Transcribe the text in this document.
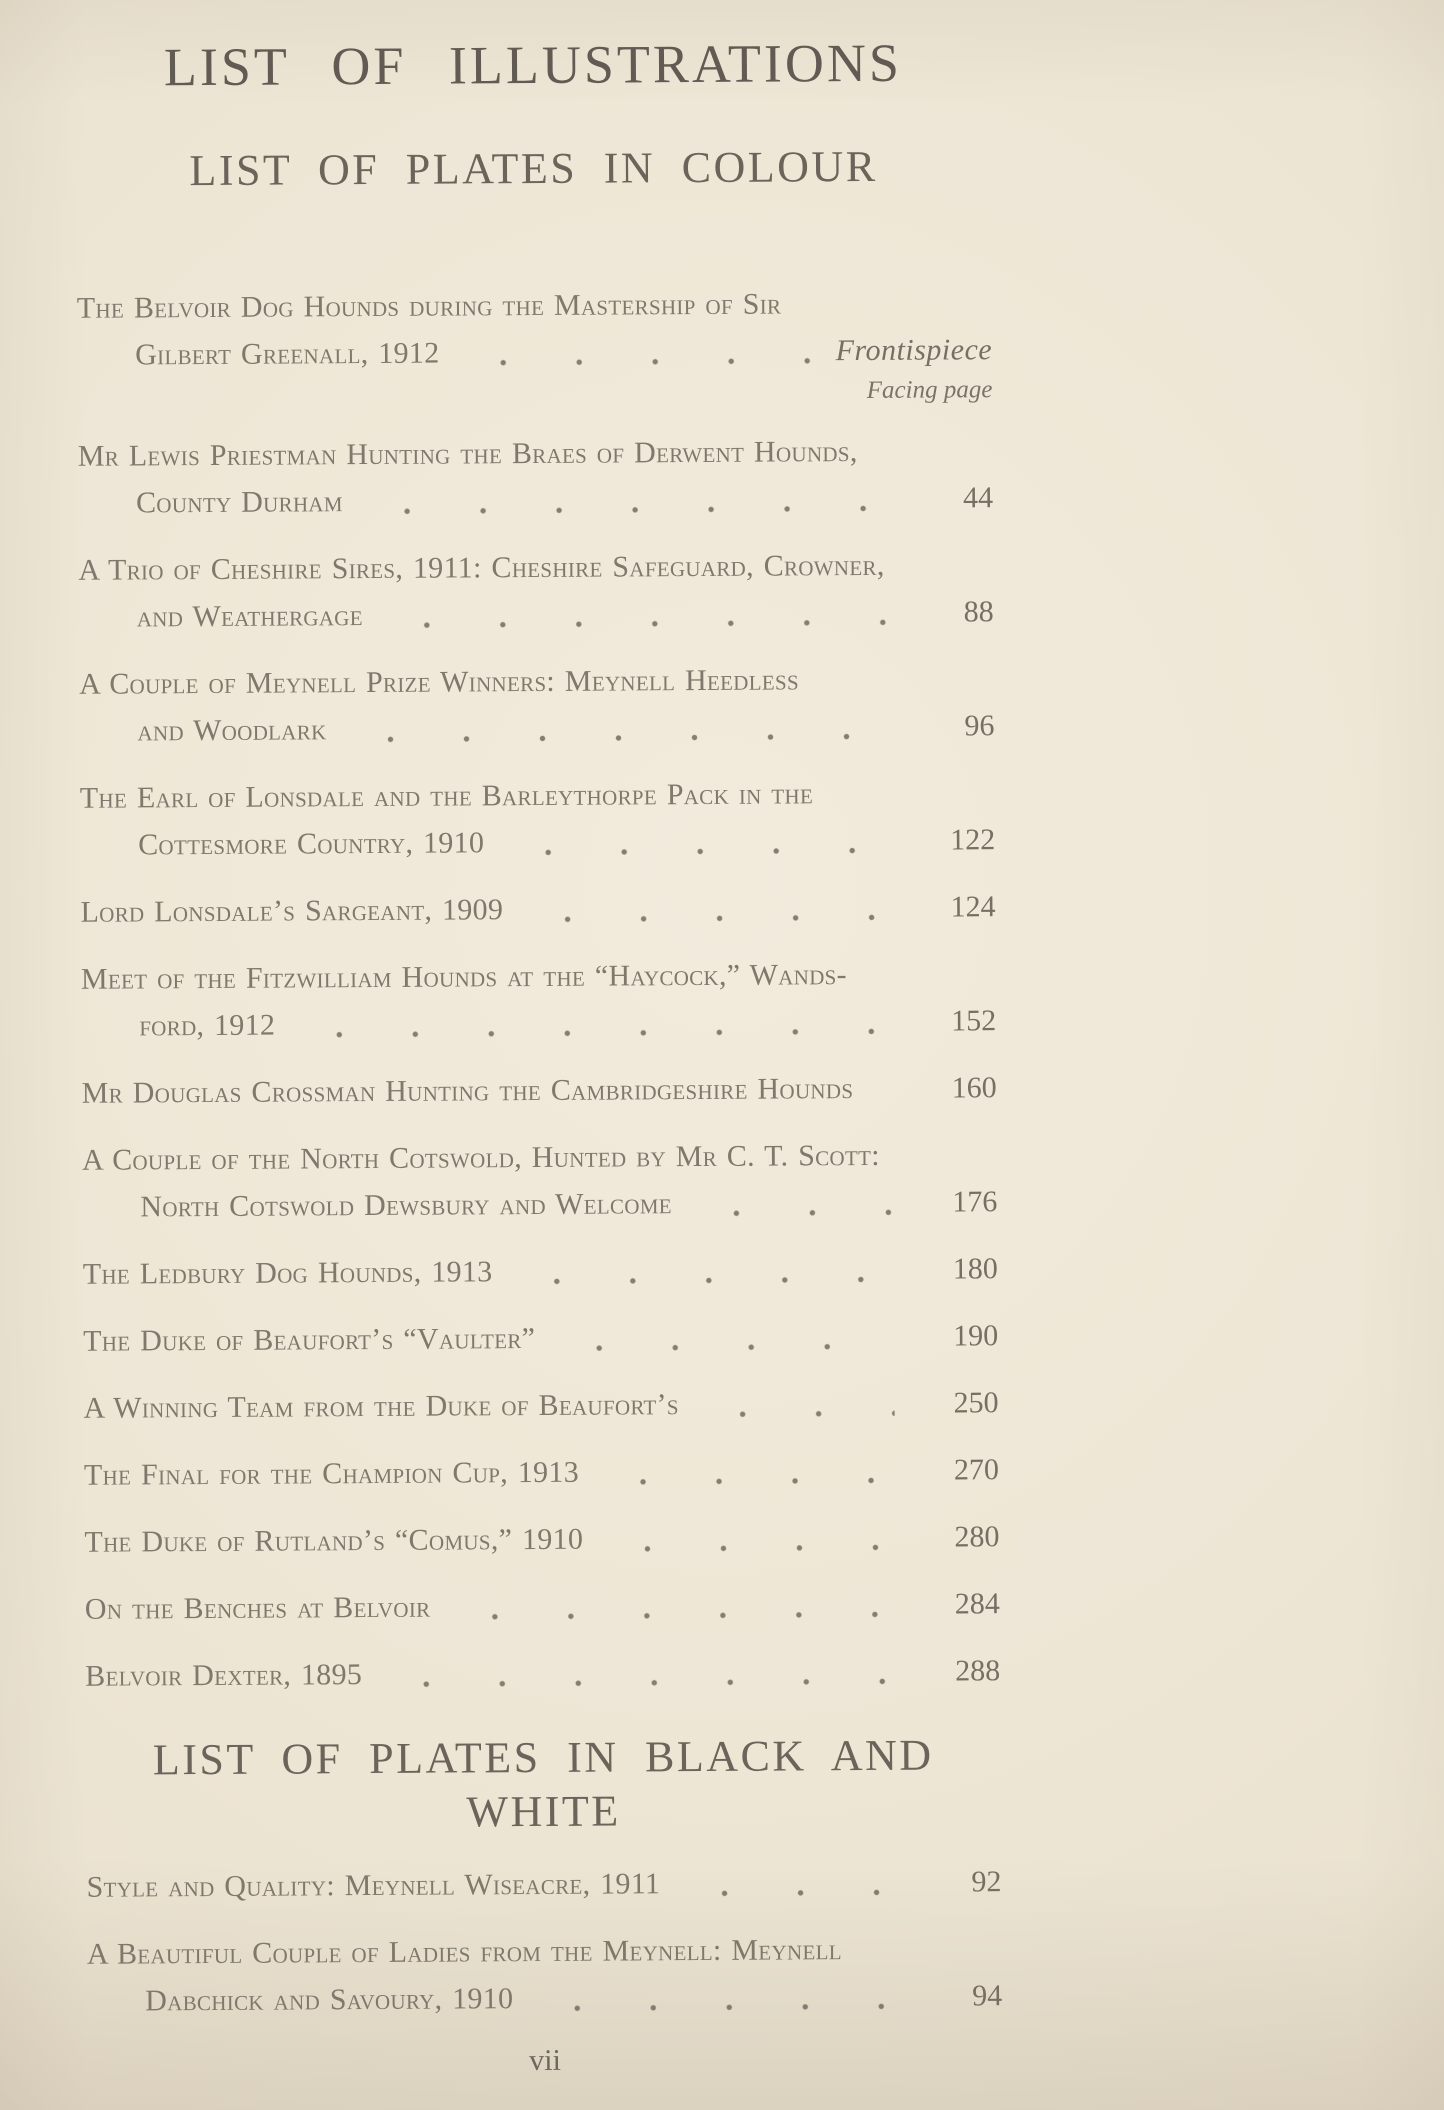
LIST OF ILLUSTRATIONS
LIST OF PLATES IN COLOUR
The Belvoir Dog Hounds during the Mastership of Sir
Gilbert Greenall, 1912	Frontispiece
Facing page
Mr Lewis Priestman Hunting the Braes of Derwent Hounds,
County Durham	44
A Trio of Cheshire Sires, 1911: Cheshire Safeguard, Crowner,
and Weathergage	88
A Couple of Meynell Prize Winners: Meynell Heedless
and Woodlark	96
The Earl of Lonsdale and the Barleythorpe Pack in the
Cottesmore Country, 1910	122
Lord Lonsdale’s Sargeant, 1909	124
Meet of the Fitzwilliam Hounds at the “Haycock,” Wands-
ford, 1912	152
Mr Douglas Crossman Hunting the Cambridgeshire Hounds	160
A Couple of the North Cotswold, Hunted by Mr C. T. Scott:
North Cotswold Dewsbury and Welcome	176
The Ledbury Dog Hounds, 1913	180
The Duke of Beaufort’s “Vaulter”	190
A Winning Team from the Duke of Beaufort’s	250
The Final for the Champion Cup, 1913	270
The Duke of Rutland’s “Comus,” 1910	280
On the Benches at Belvoir	284
Belvoir Dexter, 1895	288
LIST OF PLATES IN BLACK AND WHITE
Style and Quality: Meynell Wiseacre, 1911	92
A Beautiful Couple of Ladies from the Meynell: Meynell
Dabchick and Savoury, 1910	94
vii
